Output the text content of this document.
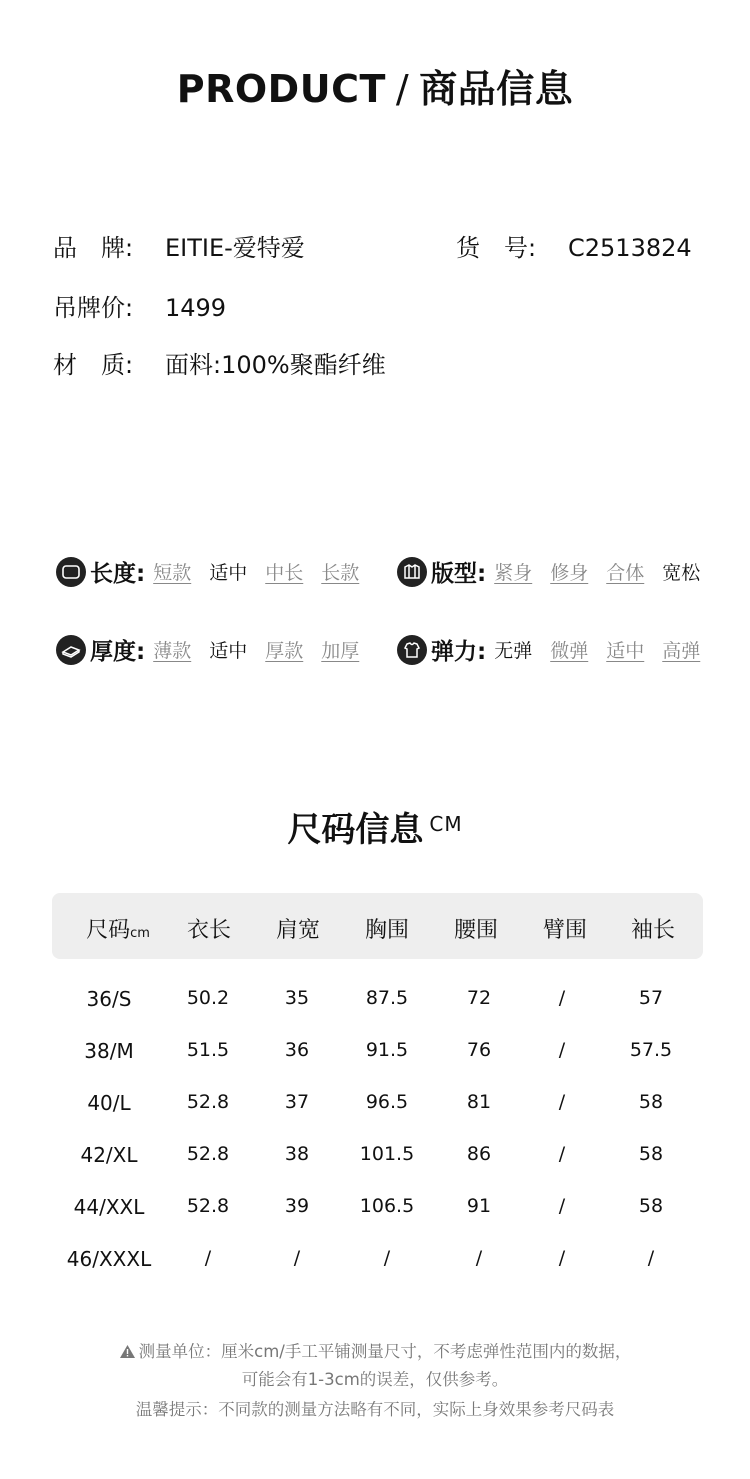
PRODUCT / 商品信息
品　牌: EITIE-爱特爱	货　号: C2513824
吊牌价: 1499
材　质: 面料:100%聚酯纤维
长度: 短款 适中 中长 长款	版型: 紧身 修身 合体 宽松
厚度: 薄款 适中 厚款 加厚	弹力: 无弹 微弹 适中 高弹
尺码信息 $^{CM}$
尺码cm 衣长 肩宽 胸围 腰围 臂围 袖长
36/S	50.2	35	87.5	72	/	57
38/M	51.5	36	91.5	76	/	57.5
40/L	52.8	37	96.5	81	/	58
42/XL	52.8	38	101.5	86	/	58
44/XXL 52.8	39	106.5	91	/	58
46/XXXL	/	/	/	/	/	/
测量单位：厘米cm/手工平铺测量尺寸，不考虑弹性范围内的数据，
可能会有1-3cm的误差，仅供参考。
温馨提示：不同款的测量方法略有不同，实际上身效果参考尺码表
